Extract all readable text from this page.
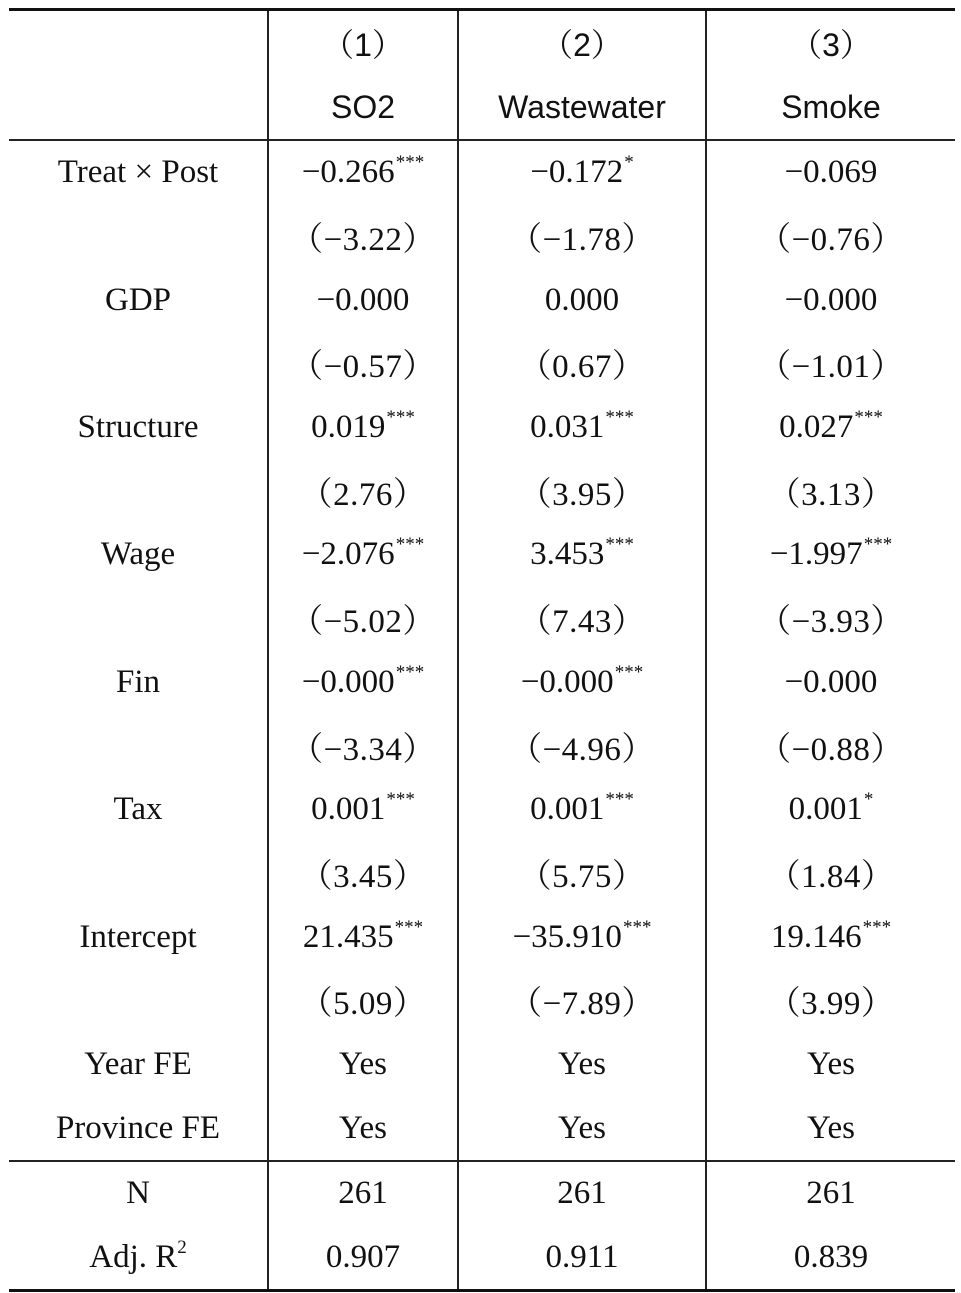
	（1）	（2）	（3）
	SO2	Wastewater	Smoke
Treat × Post	−0.266***	−0.172*	−0.069
	（−3.22）	（−1.78）	（−0.76）
GDP	−0.000	0.000	−0.000
	（−0.57）	（0.67）	（−1.01）
Structure	0.019***	0.031***	0.027***
	（2.76）	（3.95）	（3.13）
Wage	−2.076***	3.453***	−1.997***
	（−5.02）	（7.43）	（−3.93）
Fin	−0.000***	−0.000***	−0.000
	（−3.34）	（−4.96）	（−0.88）
Tax	0.001***	0.001***	0.001*
	（3.45）	（5.75）	（1.84）
Intercept	21.435***	−35.910***	19.146***
	（5.09）	（−7.89）	（3.99）
Year FE	Yes	Yes	Yes
Province FE	Yes	Yes	Yes
N	261	261	261
Adj. $R^2$	0.907	0.911	0.839
